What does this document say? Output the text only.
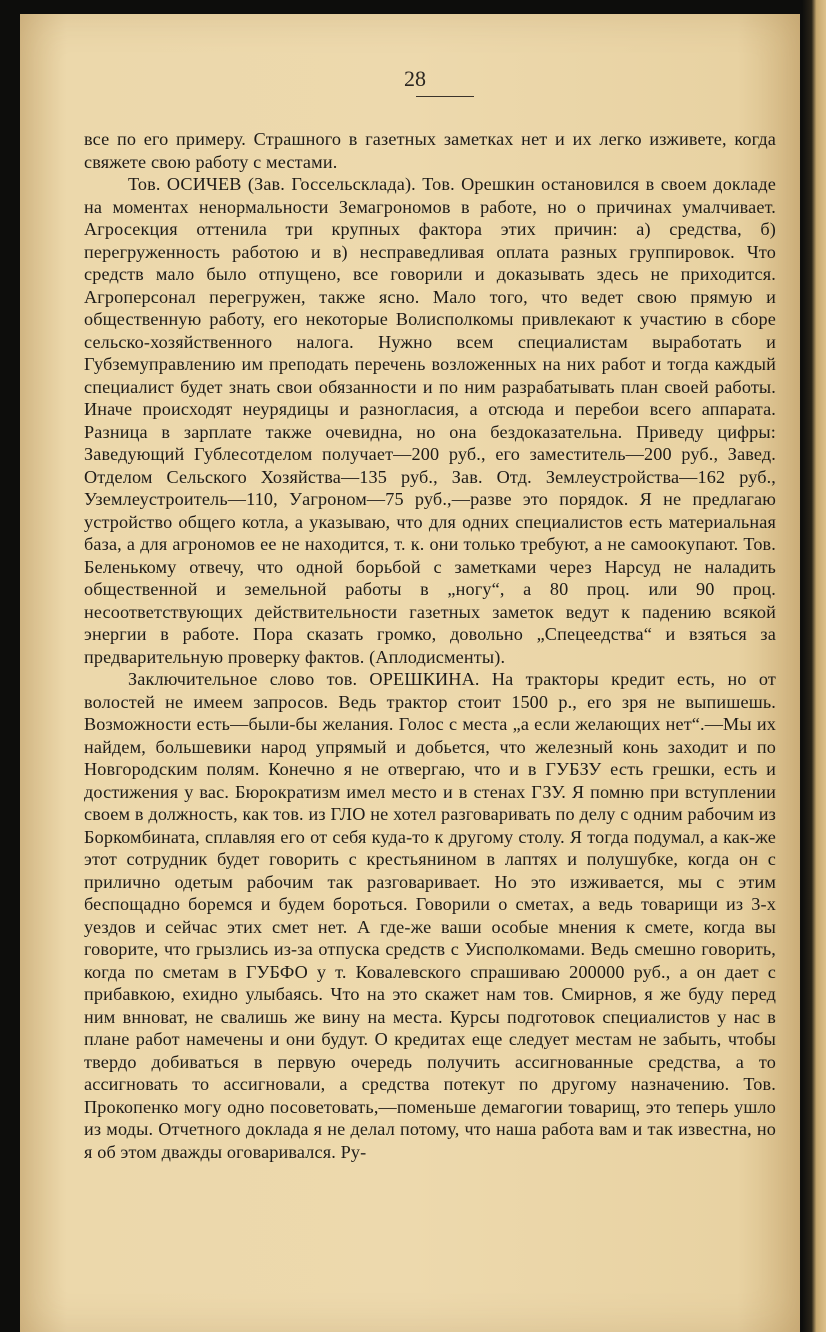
28

все по его примеру. Страшного в газетных заметках нет и их легко изживете, когда свяжете свою работу с местами.

Тов. ОСИЧЕВ (Зав. Госсельсклада). Тов. Орешкин остановился в своем докладе на моментах ненормальности Земагрономов в работе, но о причинах умалчивает. Агросекция оттенила три крупных фактора этих причин: а) средства, б) перегруженность работою и в) несправедливая оплата разных группировок. Что средств мало было отпущено, все говорили и доказывать здесь не приходится. Агроперсонал перегружен, также ясно. Мало того, что ведет свою прямую и общественную работу, его некоторые Волисполкомы привлекают к участию в сборе сельско-хозяйственного налога. Нужно всем специалистам выработать и Губземуправлению им преподать перечень возложенных на них работ и тогда каждый специалист будет знать свои обязанности и по ним разрабатывать план своей работы. Иначе происходят неурядицы и разногласия, а отсюда и перебои всего аппарата. Разница в зарплате также очевидна, но она бездоказательна. Приведу цифры: Заведующий Гублесотделом получает—200 руб., его заместитель—200 руб., Завед. Отделом Сельского Хозяйства—135 руб., Зав. Отд. Землеустройства—162 руб., Уземлеустроитель—110, Уагроном—75 руб.,—разве это порядок. Я не предлагаю устройство общего котла, а указываю, что для одних специалистов есть материальная база, а для агрономов ее не находится, т. к. они только требуют, а не самоокупают. Тов. Беленькому отвечу, что одной борьбой с заметками через Нарсуд не наладить общественной и земельной работы в „ногу“, а 80 проц. или 90 проц. несоответствующих действительности газетных заметок ведут к падению всякой энергии в работе. Пора сказать громко, довольно „Спецеедства“ и взяться за предварительную проверку фактов. (Аплодисменты).

Заключительное слово тов. ОРЕШКИНА. На тракторы кредит есть, но от волостей не имеем запросов. Ведь трактор стоит 1500 р., его зря не выпишешь. Возможности есть—были-бы желания. Голос с места „а если желающих нет“.—Мы их найдем, большевики народ упрямый и добьется, что железный конь заходит и по Новгородским полям. Конечно я не отвергаю, что и в ГУБЗУ есть грешки, есть и достижения у вас. Бюрократизм имел место и в стенах ГЗУ. Я помню при вступлении своем в должность, как тов. из ГЛО не хотел разговаривать по делу с одним рабочим из Боркомбината, сплавляя его от себя куда-то к другому столу. Я тогда подумал, а как-же этот сотрудник будет говорить с крестьянином в лаптях и полушубке, когда он с прилично одетым рабочим так разговаривает. Но это изживается, мы с этим беспощадно боремся и будем бороться. Говорили о сметах, а ведь товарищи из 3-х уездов и сейчас этих смет нет. А где-же ваши особые мнения к смете, когда вы говорите, что грызлись из-за отпуска средств с Уисполкомами. Ведь смешно говорить, когда по сметам в ГУБФО у т. Ковалевского спрашиваю 200000 руб., а он дает с прибавкою, ехидно улыбаясь. Что на это скажет нам тов. Смирнов, я же буду перед ним внноват, не свалишь же вину на места. Курсы подготовок специалистов у нас в плане работ намечены и они будут. О кредитах еще следует местам не забыть, чтобы твердо добиваться в первую очередь получить ассигнованные средства, а то ассигновать то ассигновали, а средства потекут по другому назначению. Тов. Прокопенко могу одно посоветовать,—поменьше демагогии товарищ, это теперь ушло из моды. Отчетного доклада я не делал потому, что наша работа вам и так известна, но я об этом дважды оговаривался. Ру-
